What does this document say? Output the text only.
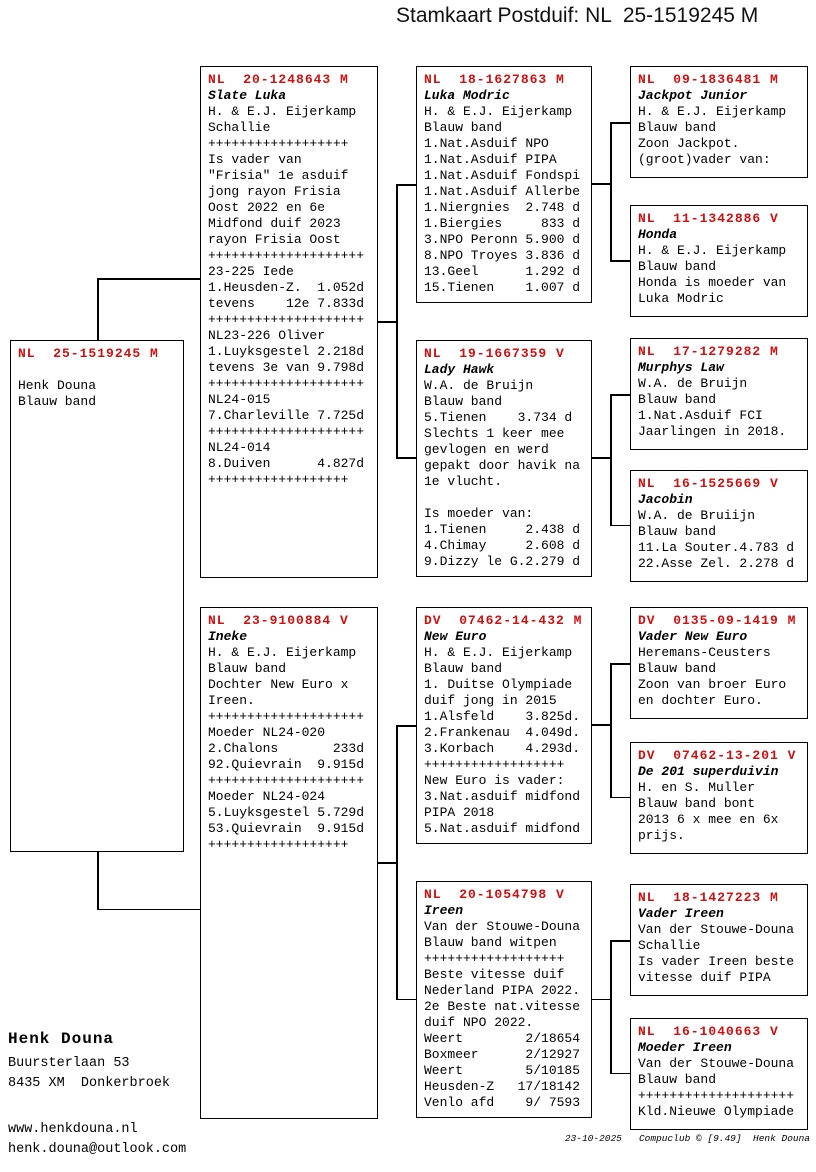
Stamkaart Postduif: NL  25-1519245 M
NL  25-1519245 M
Henk Douna
Blauw band
NL  20-1248643 M
Slate Luka
H. & E.J. Eijerkamp
Schallie
++++++++++++++++++
Is vader van
"Frisia" 1e asduif
jong rayon Frisia
Oost 2022 en 6e
Midfond duif 2023
rayon Frisia Oost
++++++++++++++++++++
23-225 Iede
1.Heusden-Z.  1.052d
tevens    12e 7.833d
++++++++++++++++++++
NL23-226 Oliver
1.Luyksgestel 2.218d
tevens 3e van 9.798d
++++++++++++++++++++
NL24-015
7.Charleville 7.725d
++++++++++++++++++++
NL24-014
8.Duiven      4.827d
++++++++++++++++++
NL  23-9100884 V
Ineke
H. & E.J. Eijerkamp
Blauw band
Dochter New Euro x
Ireen.
++++++++++++++++++++
Moeder NL24-020
2.Chalons       233d
92.Quievrain  9.915d
++++++++++++++++++++
Moeder NL24-024
5.Luyksgestel 5.729d
53.Quievrain  9.915d
++++++++++++++++++
NL  18-1627863 M
Luka Modric
H. & E.J. Eijerkamp
Blauw band
1.Nat.Asduif NPO
1.Nat.Asduif PIPA
1.Nat.Asduif Fondspi
1.Nat.Asduif Allerbe
1.Niergnies  2.748 d
1.Biergies     833 d
3.NPO Peronn 5.900 d
8.NPO Troyes 3.836 d
13.Geel      1.292 d
15.Tienen    1.007 d
NL  19-1667359 V
Lady Hawk
W.A. de Bruijn
Blauw band
5.Tienen    3.734 d
Slechts 1 keer mee
gevlogen en werd
gepakt door havik na
1e vlucht.
Is moeder van:
1.Tienen     2.438 d
4.Chimay     2.608 d
9.Dizzy le G.2.279 d
DV  07462-14-432 M
New Euro
H. & E.J. Eijerkamp
Blauw band
1. Duitse Olympiade
duif jong in 2015
1.Alsfeld    3.825d.
2.Frankenau  4.049d.
3.Korbach    4.293d.
++++++++++++++++++
New Euro is vader:
3.Nat.asduif midfond
PIPA 2018
5.Nat.asduif midfond
NL  20-1054798 V
Ireen
Van der Stouwe-Douna
Blauw band witpen
++++++++++++++++++
Beste vitesse duif
Nederland PIPA 2022.
2e Beste nat.vitesse
duif NPO 2022.
Weert        2/18654
Boxmeer      2/12927
Weert        5/10185
Heusden-Z   17/18142
Venlo afd    9/ 7593
NL  09-1836481 M
Jackpot Junior
H. & E.J. Eijerkamp
Blauw band
Zoon Jackpot.
(groot)vader van:
NL  11-1342886 V
Honda
H. & E.J. Eijerkamp
Blauw band
Honda is moeder van
Luka Modric
NL  17-1279282 M
Murphys Law
W.A. de Bruijn
Blauw band
1.Nat.Asduif FCI
Jaarlingen in 2018.
NL  16-1525669 V
Jacobin
W.A. de Bruiijn
Blauw band
11.La Souter.4.783 d
22.Asse Zel. 2.278 d
DV  0135-09-1419 M
Vader New Euro
Heremans-Ceusters
Blauw band
Zoon van broer Euro
en dochter Euro.
DV  07462-13-201 V
De 201 superduivin
H. en S. Muller
Blauw band bont
2013 6 x mee en 6x
prijs.
NL  18-1427223 M
Vader Ireen
Van der Stouwe-Douna
Schallie
Is vader Ireen beste
vitesse duif PIPA
NL  16-1040663 V
Moeder Ireen
Van der Stouwe-Douna
Blauw band
++++++++++++++++++++
Kld.Nieuwe Olympiade
Henk Douna
Buursterlaan 53
8435 XM  Donkerbroek
www.henkdouna.nl
henk.douna@outlook.com
23-10-2025   Compuclub © [9.49]  Henk Douna
